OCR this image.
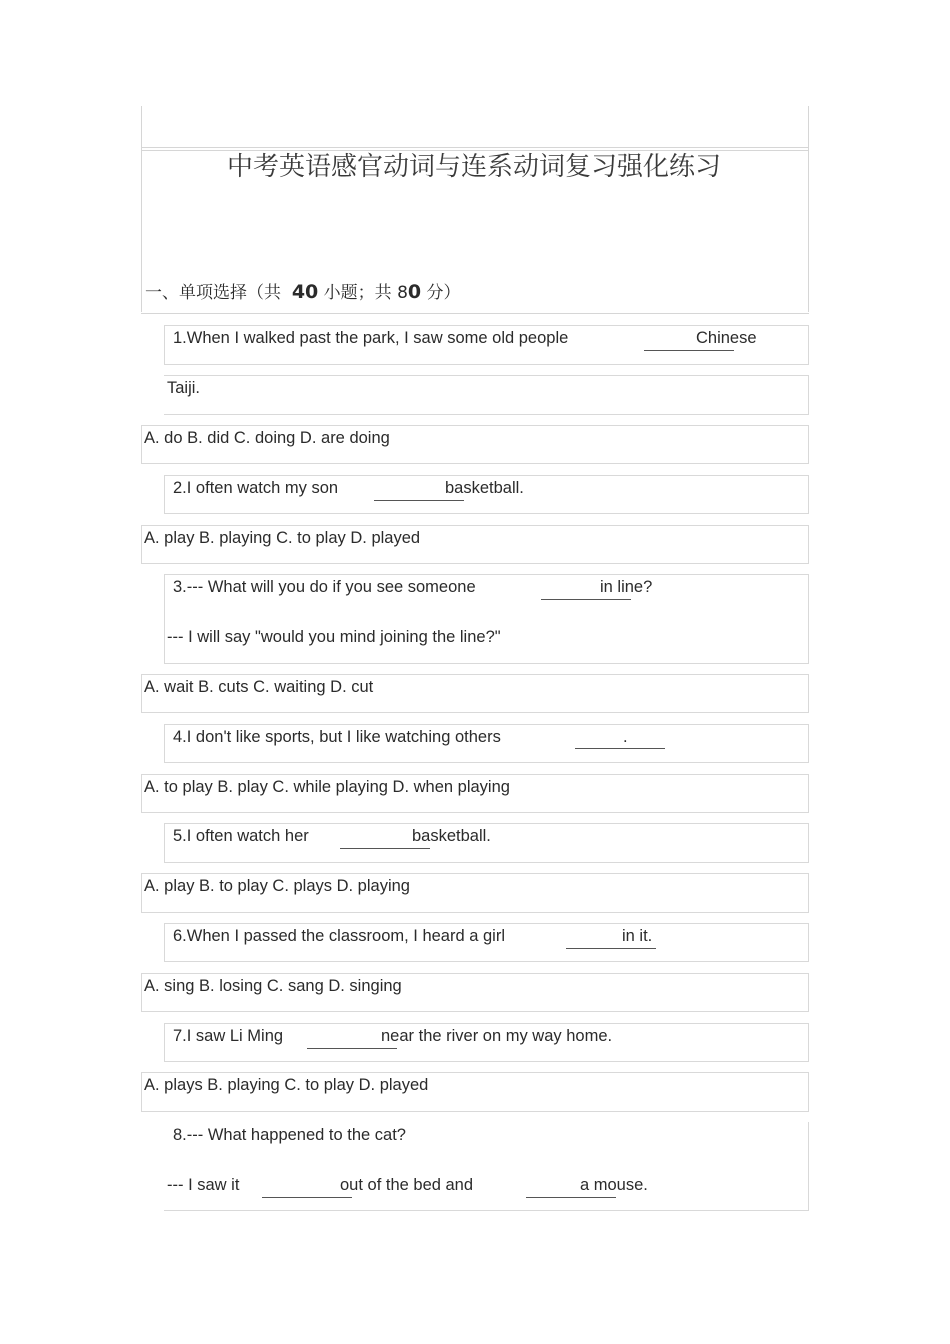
中考英语感官动词与连系动词复习强化练习
一、单项选择（共 40 小题；共 80 分）
1.When I walked past the park, I saw some old people	Chinese
Taiji.
A. do B. did C. doing D. are doing
2.I often watch my son	basketball.
A. play B. playing C. to play D. played
3.--- What will you do if you see someone	in line?
--- I will say "would you mind joining the line?"
A. wait B. cuts C. waiting D. cut
4.I don't like sports, but I like watching others	.
A. to play B. play C. while playing D. when playing
5.I often watch her	basketball.
A. play B. to play C. plays D. playing
6.When I passed the classroom, I heard a girl	in it.
A. sing B. losing C. sang D. singing
7.I saw Li Ming	near the river on my way home.
A. plays B. playing C. to play D. played
8.--- What happened to the cat?
--- I saw it	out of the bed and	a mouse.
